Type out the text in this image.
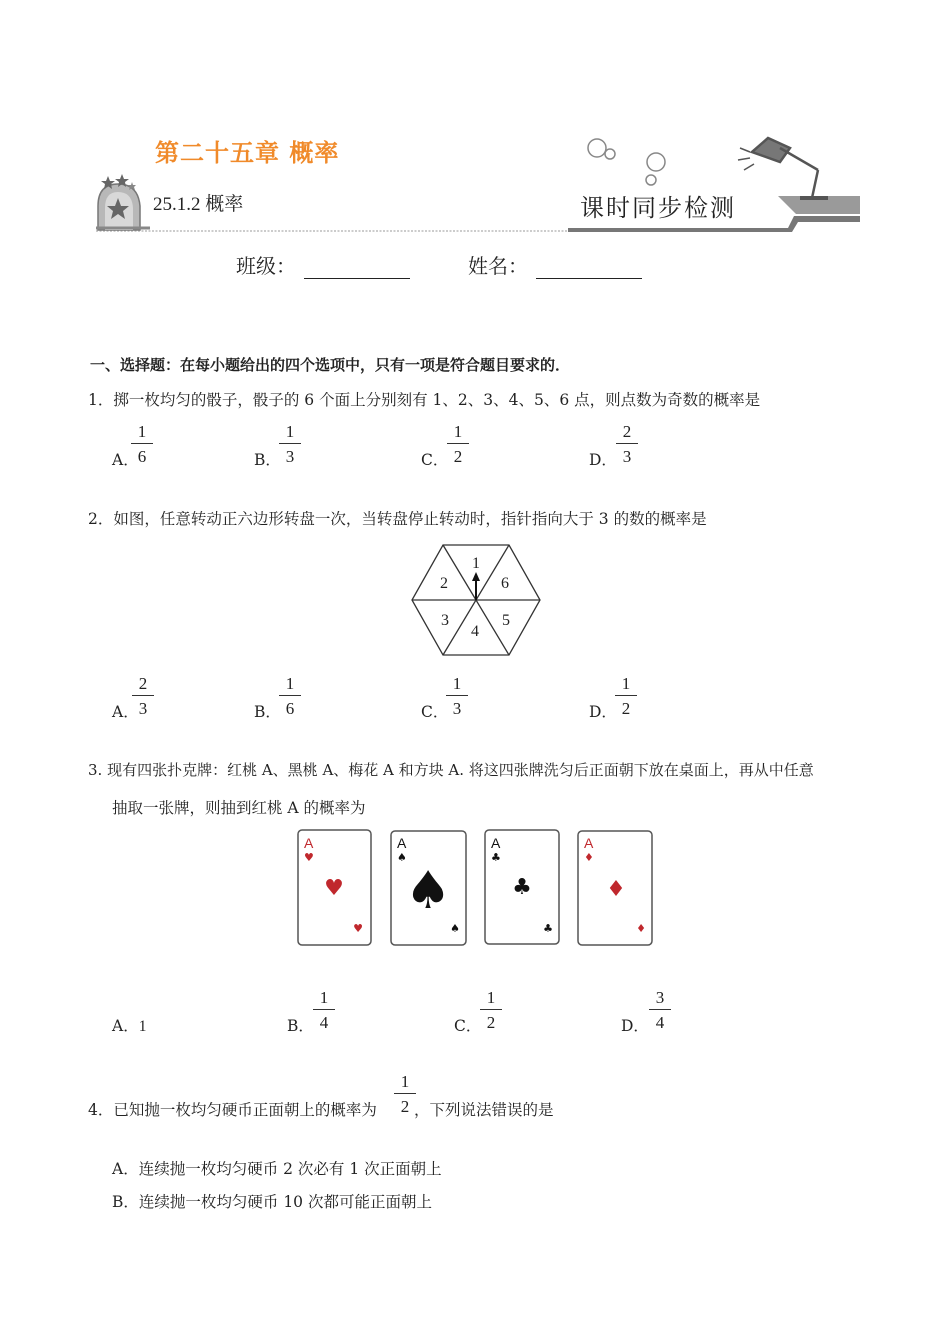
第二十五章 概率
25.1.2 概率	课时同步检测
班级：	姓名：
一、选择题：在每小题给出的四个选项中，只有一项是符合题目要求的．
1．掷一枚均匀的骰子，骰子的 6 个面上分别刻有 1、2、3、4、5、6 点，则点数为奇数的概率是
A．
$\frac{1}{6}$	B．
$\frac{1}{3}$	C．
$\frac{1}{2}$	D． $\frac{2}{3}$
2．如图，任意转动正六边形转盘一次，当转盘停止转动时，指针指向大于 3 的数的概率是
1
6
5
4
3
2
A．
$\frac{2}{3}$	B．
$\frac{1}{6}$	C．
$\frac{1}{3}$	D．
$\frac{1}{2}$
3. 现有四张扑克牌：红桃 A、黑桃 A、梅花 A 和方块 A. 将这四张牌洗匀后正面朝下放在桌面上，再从中任意
抽取一张牌，则抽到红桃 A 的概率为
A
♥
♥
♥
A
♠
♠
♠
A
♣
♣
♣
A
♦
♦
♦
A．1	B． $\frac{1}{4}$	C．
$\frac{1}{2}$	D． $\frac{3}{4}$
4．已知抛一枚均匀硬币正面朝上的概率为 $\frac{1}{2}$
，下列说法错误的是
A．连续抛一枚均匀硬币 2 次必有 1 次正面朝上
B．连续抛一枚均匀硬币 10 次都可能正面朝上
